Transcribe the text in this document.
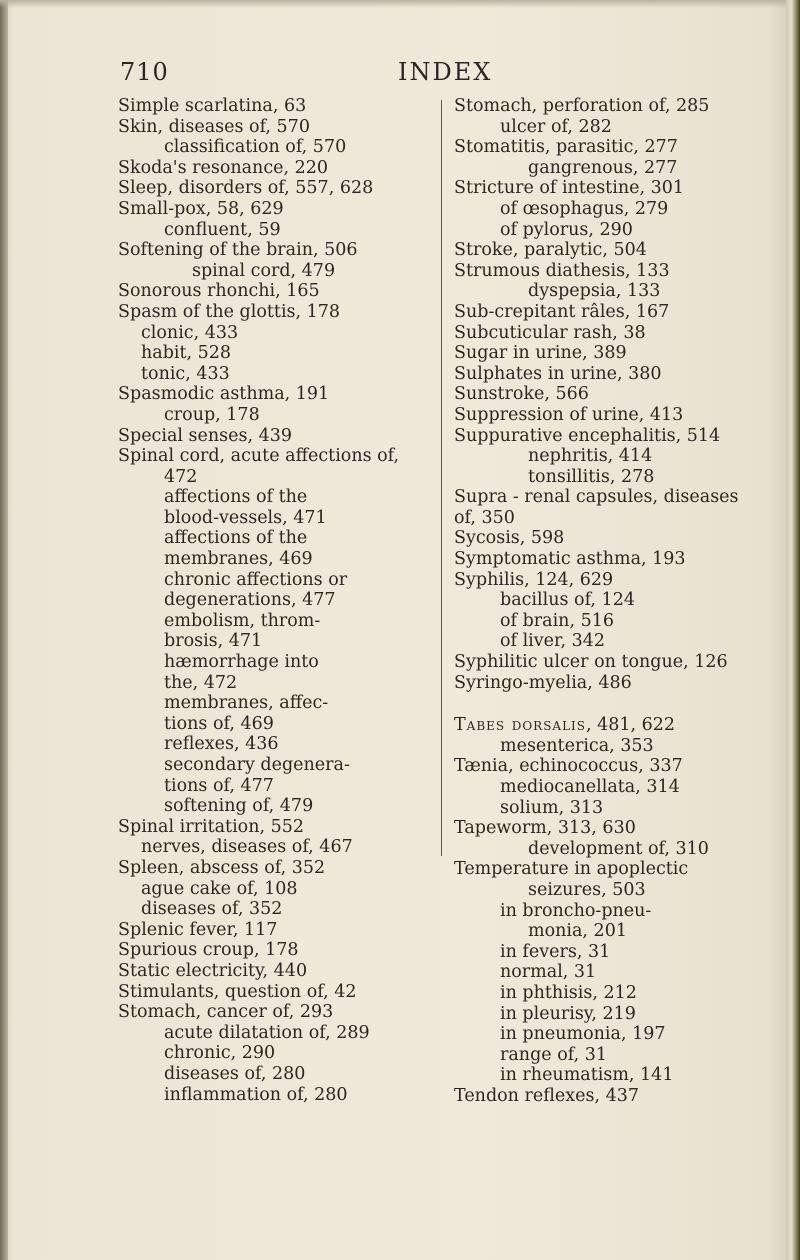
710	INDEX
Simple scarlatina, 63
Skin, diseases of, 570
classification of, 570
Skoda's resonance, 220
Sleep, disorders of, 557, 628
Small-pox, 58, 629
confluent, 59
Softening of the brain, 506
spinal cord, 479
Sonorous rhonchi, 165
Spasm of the glottis, 178
clonic, 433
habit, 528
tonic, 433
Spasmodic asthma, 191
croup, 178
Special senses, 439
Spinal cord, acute affections of,
472
affections of the
blood-vessels, 471
affections of the
membranes, 469
chronic affections or
degenerations, 477
embolism, throm-
brosis, 471
hæmorrhage into
the, 472
membranes, affec-
tions of, 469
reflexes, 436
secondary degenera-
tions of, 477
softening of, 479
Spinal irritation, 552
nerves, diseases of, 467
Spleen, abscess of, 352
ague cake of, 108
diseases of, 352
Splenic fever, 117
Spurious croup, 178
Static electricity, 440
Stimulants, question of, 42
Stomach, cancer of, 293
acute dilatation of, 289
chronic, 290
diseases of, 280
inflammation of, 280
Stomach, perforation of, 285
ulcer of, 282
Stomatitis, parasitic, 277
gangrenous, 277
Stricture of intestine, 301
of œsophagus, 279
of pylorus, 290
Stroke, paralytic, 504
Strumous diathesis, 133
dyspepsia, 133
Sub-crepitant râles, 167
Subcuticular rash, 38
Sugar in urine, 389
Sulphates in urine, 380
Sunstroke, 566
Suppression of urine, 413
Suppurative encephalitis, 514
nephritis, 414
tonsillitis, 278
Supra - renal capsules, diseases
of, 350
Sycosis, 598
Symptomatic asthma, 193
Syphilis, 124, 629
bacillus of, 124
of brain, 516
of liver, 342
Syphilitic ulcer on tongue, 126
Syringo-myelia, 486
Tabes dorsalis, 481, 622
mesenterica, 353
Tænia, echinococcus, 337
mediocanellata, 314
solium, 313
Tapeworm, 313, 630
development of, 310
Temperature in apoplectic
seizures, 503
in broncho-pneu-
monia, 201
in fevers, 31
normal, 31
in phthisis, 212
in pleurisy, 219
in pneumonia, 197
range of, 31
in rheumatism, 141
Tendon reflexes, 437
